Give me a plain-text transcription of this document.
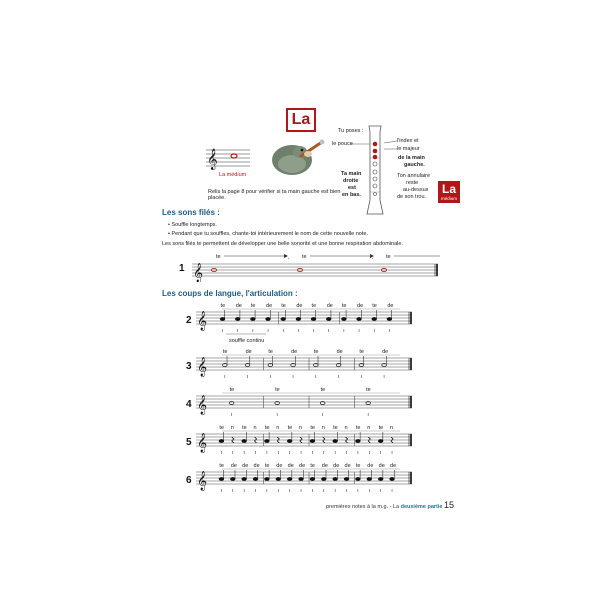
La
La
médium
𝄞
La médium
Relis la page 8 pour vérifier si ta main gauche est bien placée.
Tu poses :
le pouce	l'index et
le majeur
de la main
gauche.
Ta main
droite
est
en bas.
Ton annulaire
reste
au-dessus
de son trou.
Les sons filés :
• Souffle longtemps.
• Pendant que tu souffles, chante-toi intérieurement le nom de cette nouvelle note.
Les sons filés te permettent de développer une belle sonorité et une bonne respiration abdominale.
Les coups de langue, l'articulation :
1
2
3
4
5
6
𝄞
te	te	te
ʻ	ʻ
𝄞
te de te de te de te de te de te de
souffle continu
𝄞
te	de	te	de	te	de	te	de
𝄞
te	te	te	te
𝄞
te n te n te n te n te n te n te n te n
𝄞
te de de de te de de de te de de de te de de de
premières notes à la m.g. - La deuxième partie 15
